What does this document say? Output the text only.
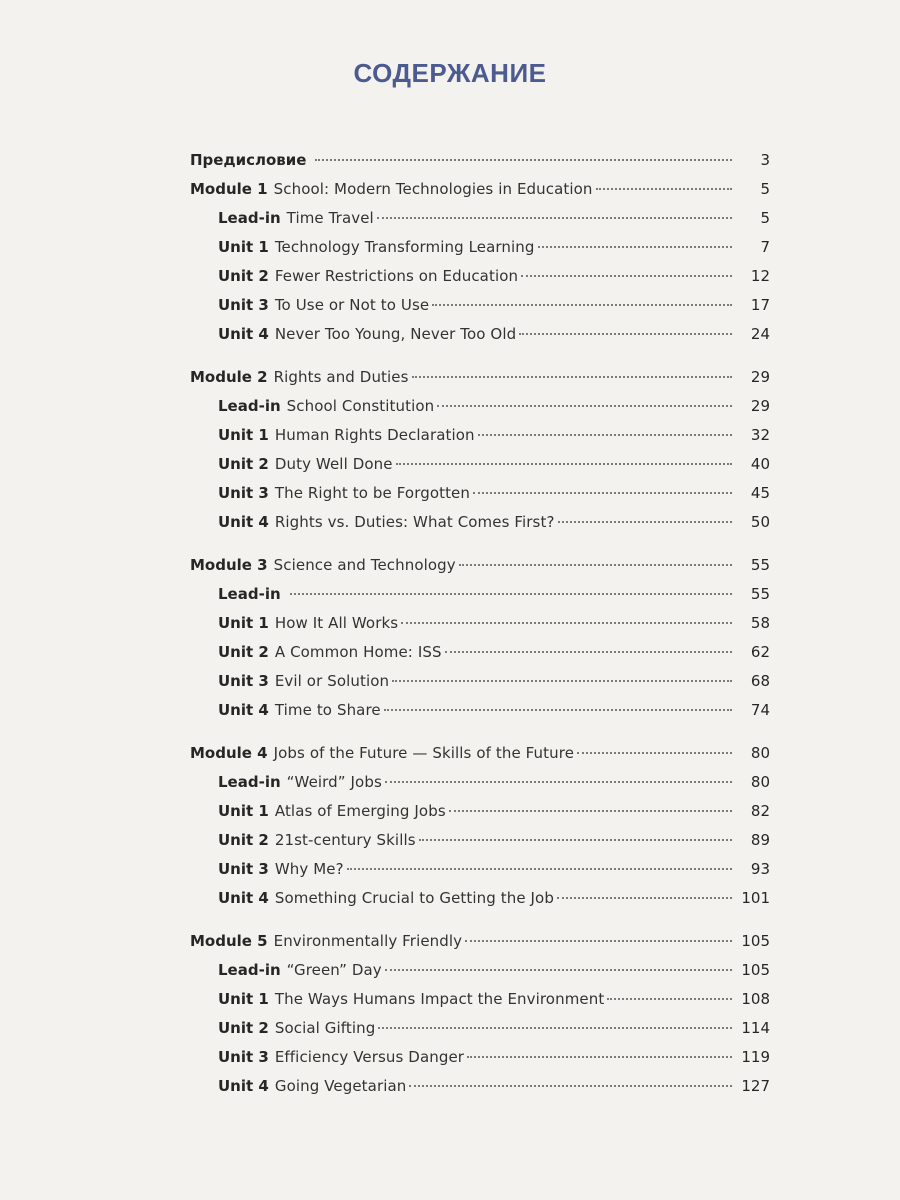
СОДЕРЖАНИЕ
Предисловие	3
Module 1 School: Modern Technologies in Education	5
Lead-in Time Travel	5
Unit 1 Technology Transforming Learning	7
Unit 2 Fewer Restrictions on Education	12
Unit 3 To Use or Not to Use	17
Unit 4 Never Too Young, Never Too Old	24
Module 2 Rights and Duties	29
Lead-in School Constitution	29
Unit 1 Human Rights Declaration	32
Unit 2 Duty Well Done	40
Unit 3 The Right to be Forgotten	45
Unit 4 Rights vs. Duties: What Comes First?	50
Module 3 Science and Technology	55
Lead-in	55
Unit 1 How It All Works	58
Unit 2 A Common Home: ISS	62
Unit 3 Evil or Solution	68
Unit 4 Time to Share	74
Module 4 Jobs of the Future — Skills of the Future	80
Lead-in “Weird” Jobs	80
Unit 1 Atlas of Emerging Jobs	82
Unit 2 21st-century Skills	89
Unit 3 Why Me?	93
Unit 4 Something Crucial to Getting the Job	101
Module 5 Environmentally Friendly	105
Lead-in “Green” Day	105
Unit 1 The Ways Humans Impact the Environment	108
Unit 2 Social Gifting	114
Unit 3 Efficiency Versus Danger	119
Unit 4 Going Vegetarian	127
